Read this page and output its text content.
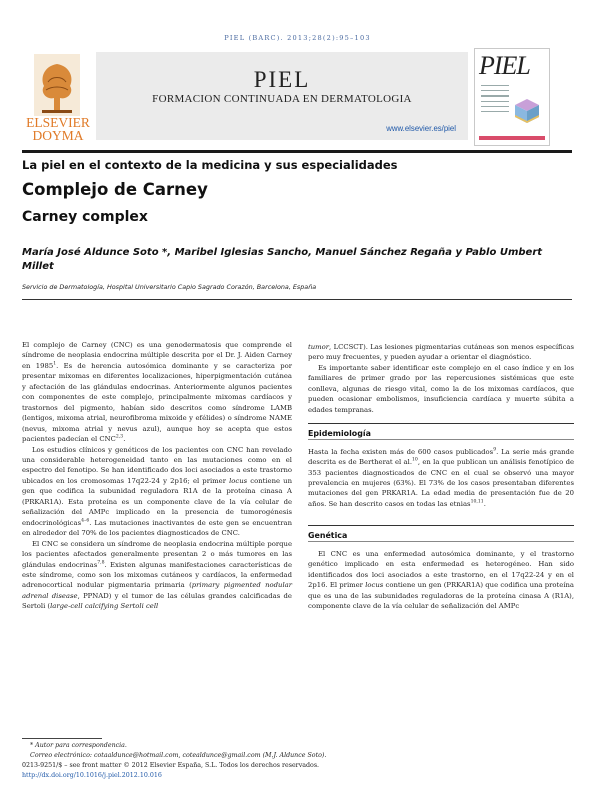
PIEL (BARC). 2013;28(2):95–103
ELSEVIER
DOYMA
PIEL
FORMACION CONTINUADA EN DERMATOLOGIA
www.elsevier.es/piel
PIEL
La piel en el contexto de la medicina y sus especialidades
Complejo de Carney
Carney complex
María José Aldunce Soto *, Maribel Iglesias Sancho, Manuel Sánchez Regaña y Pablo Umbert Millet
Servicio de Dermatología, Hospital Universitario Capio Sagrado Corazón, Barcelona, España

El complejo de Carney (CNC) es una genodermatosis que comprende el síndrome de neoplasia endocrina múltiple descrita por el Dr. J. Aiden Carney en 1985$^1$. Es de herencia autosómica dominante y se caracteriza por presentar mixomas en diferentes localizaciones, hiperpigmentación cutánea y afectación de las glándulas endocrinas. Anteriormente algunos pacientes con componentes de este complejo, principalmente mixomas cardíacos y trastornos del pigmento, habían sido descritos como síndrome LAMB (lentigos, mixoma atrial, neurofibroma mixoide y efélides) o síndrome NAME (nevus, mixoma atrial y nevus azul), aunque hoy se acepta que estos pacientes padecían el CNC$^{2,3}$.

Los estudios clínicos y genéticos de los pacientes con CNC han revelado una considerable heterogeneidad tanto en las mutaciones como en el espectro del fenotipo. Se han identificado dos loci asociados a este trastorno ubicados en los cromosomas 17q22-24 y 2p16; el primer locus contiene un gen que codifica la subunidad reguladora R1A de la proteína cinasa A (PRKAR1A). Esta proteína es un componente clave de la vía celular de señalización del AMPc implicado en la presencia de tumorogénesis endocrinológicas$^{4-6}$. Las mutaciones inactivantes de este gen se encuentran en alrededor del 70% de los pacientes diagnosticados de CNC.

El CNC se considera un síndrome de neoplasia endocrina múltiple porque los pacientes afectados generalmente presentan 2 o más tumores en las glándulas endocrinas$^{7,8}$. Existen algunas manifestaciones características de este síndrome, como son los mixomas cutáneos y cardíacos, la enfermedad adrenocortical nodular pigmentaria primaria (primary pigmented nodular adrenal disease, PPNAD) y el tumor de las células grandes calcificadas de Sertoli (large-cell calcifying Sertoli cell

tumor, LCCSCT). Las lesiones pigmentarias cutáneas son menos específicas pero muy frecuentes, y pueden ayudar a orientar el diagnóstico.

Es importante saber identificar este complejo en el caso índice y en los familiares de primer grado por las repercusiones sistémicas que este conlleva, algunas de riesgo vital, como la de los mixomas cardíacos, que pueden ocasionar embolismos, insuficiencia cardíaca y muerte súbita a edades tempranas.

Epidemiología

Hasta la fecha existen más de 600 casos publicados$^9$. La serie más grande descrita es de Bertherat el al.$^{10}$, en la que publican un análisis fenotípico de 353 pacientes diagnosticados de CNC en el cual se observó una mayor prevalencia en mujeres (63%). El 73% de los casos presentaban diferentes mutaciones del gen PRKAR1A. La edad media de presentación fue de 20 años. Se han descrito casos en todas las etnias$^{10,11}$.

Genética

El CNC es una enfermedad autosómica dominante, y el trastorno genético implicado en esta enfermedad es heterogéneo. Han sido identificados dos loci asociados a este trastorno, en el 17q22-24 y en el 2p16. El primer locus contiene un gen (PRKAR1A) que codifica una proteína que es una de las subunidades reguladoras de la proteína cinasa A (R1A), componente clave de la vía celular de señalización del AMPc

* Autor para correspondencia.
Correo electrónico: cotaaldunce@hotmail.com, cotealdunce@gmail.com (M.J. Aldunce Soto).
0213-9251/$ – see front matter © 2012 Elsevier España, S.L. Todos los derechos reservados.
http://dx.doi.org/10.1016/j.piel.2012.10.016
